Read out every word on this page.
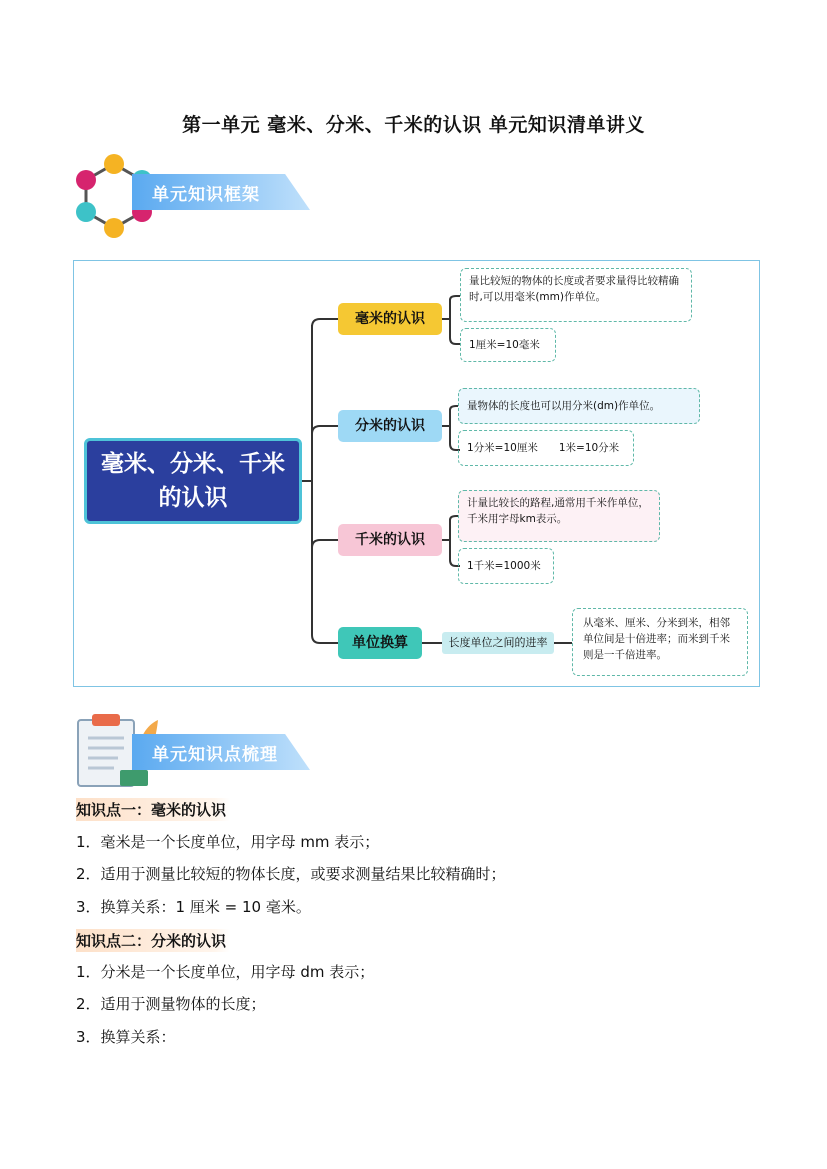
第一单元 毫米、分米、千米的认识 单元知识清单讲义
单元知识框架
毫米、分米、千米的认识
毫米的认识
量比较短的物体的长度或者要求量得比较精确时,可以用毫米(mm)作单位。
1厘米=10毫米
分米的认识
量物体的长度也可以用分米(dm)作单位。
1分米=10厘米　　1米=10分米
千米的认识
计量比较长的路程,通常用千米作单位，千米用字母km表示。
1千米=1000米
单位换算	长度单位之间的进率
从毫米、厘米、分米到米，相邻单位间是十倍进率；而米到千米则是一千倍进率。
单元知识点梳理
知识点一：毫米的认识
1．毫米是一个长度单位，用字母 mm 表示；
2．适用于测量比较短的物体长度，或要求测量结果比较精确时；
3．换算关系：1 厘米 = 10 毫米。
知识点二：分米的认识
1．分米是一个长度单位，用字母 dm 表示；
2．适用于测量物体的长度；
3．换算关系：
